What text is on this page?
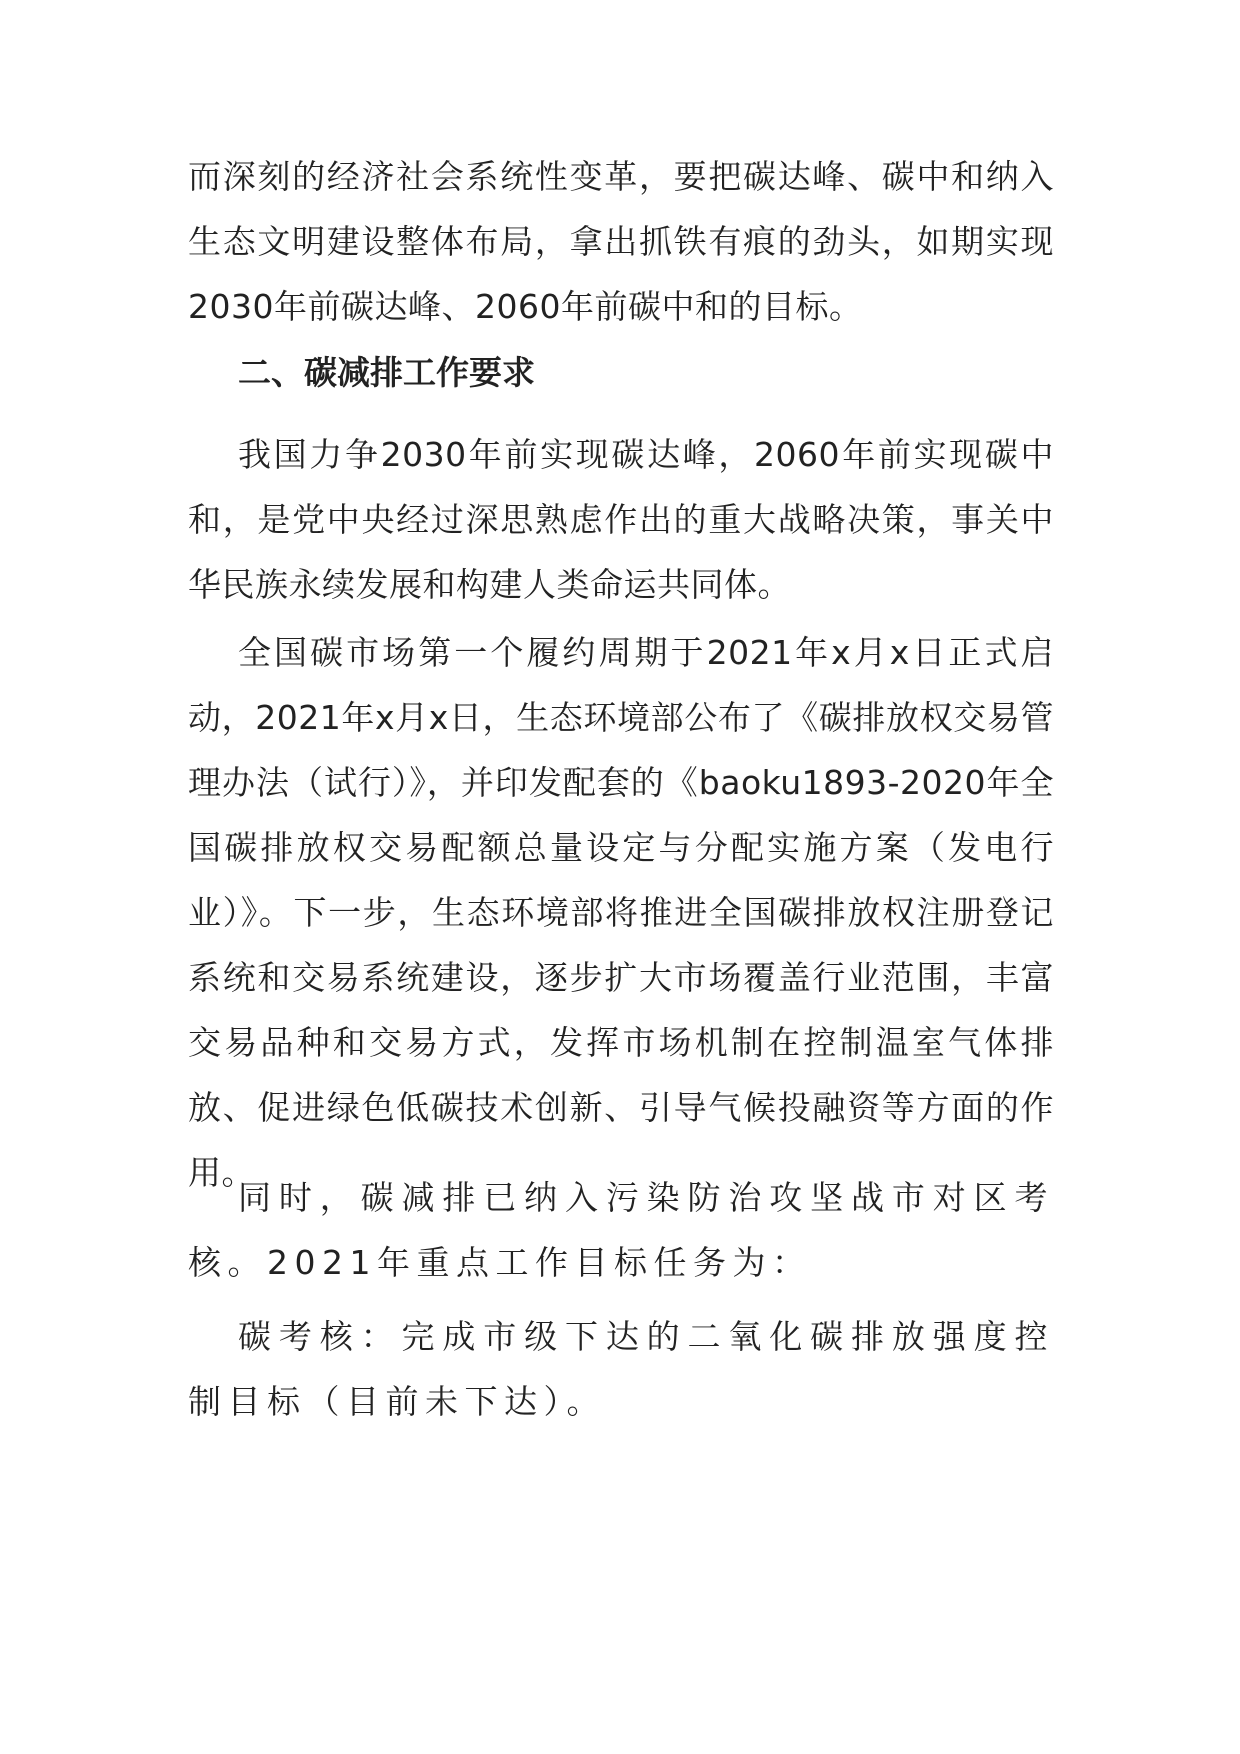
而深刻的经济社会系统性变革，要把碳达峰、碳中和纳入生态文明建设整体布局，拿出抓铁有痕的劲头，如期实现2030年前碳达峰、2060年前碳中和的目标。

二、碳减排工作要求

我国力争2030年前实现碳达峰，2060年前实现碳中和，是党中央经过深思熟虑作出的重大战略决策，事关中华民族永续发展和构建人类命运共同体。

全国碳市场第一个履约周期于2021年x月x日正式启动，2021年x月x日，生态环境部公布了《碳排放权交易管理办法（试行）》，并印发配套的《baoku1893-2020年全国碳排放权交易配额总量设定与分配实施方案（发电行业）》。下一步，生态环境部将推进全国碳排放权注册登记系统和交易系统建设，逐步扩大市场覆盖行业范围，丰富交易品种和交易方式，发挥市场机制在控制温室气体排放、促进绿色低碳技术创新、引导气候投融资等方面的作用。

同时，碳减排已纳入污染防治攻坚战市对区考核。2021年重点工作目标任务为：

碳考核：完成市级下达的二氧化碳排放强度控制目标（目前未下达）。
